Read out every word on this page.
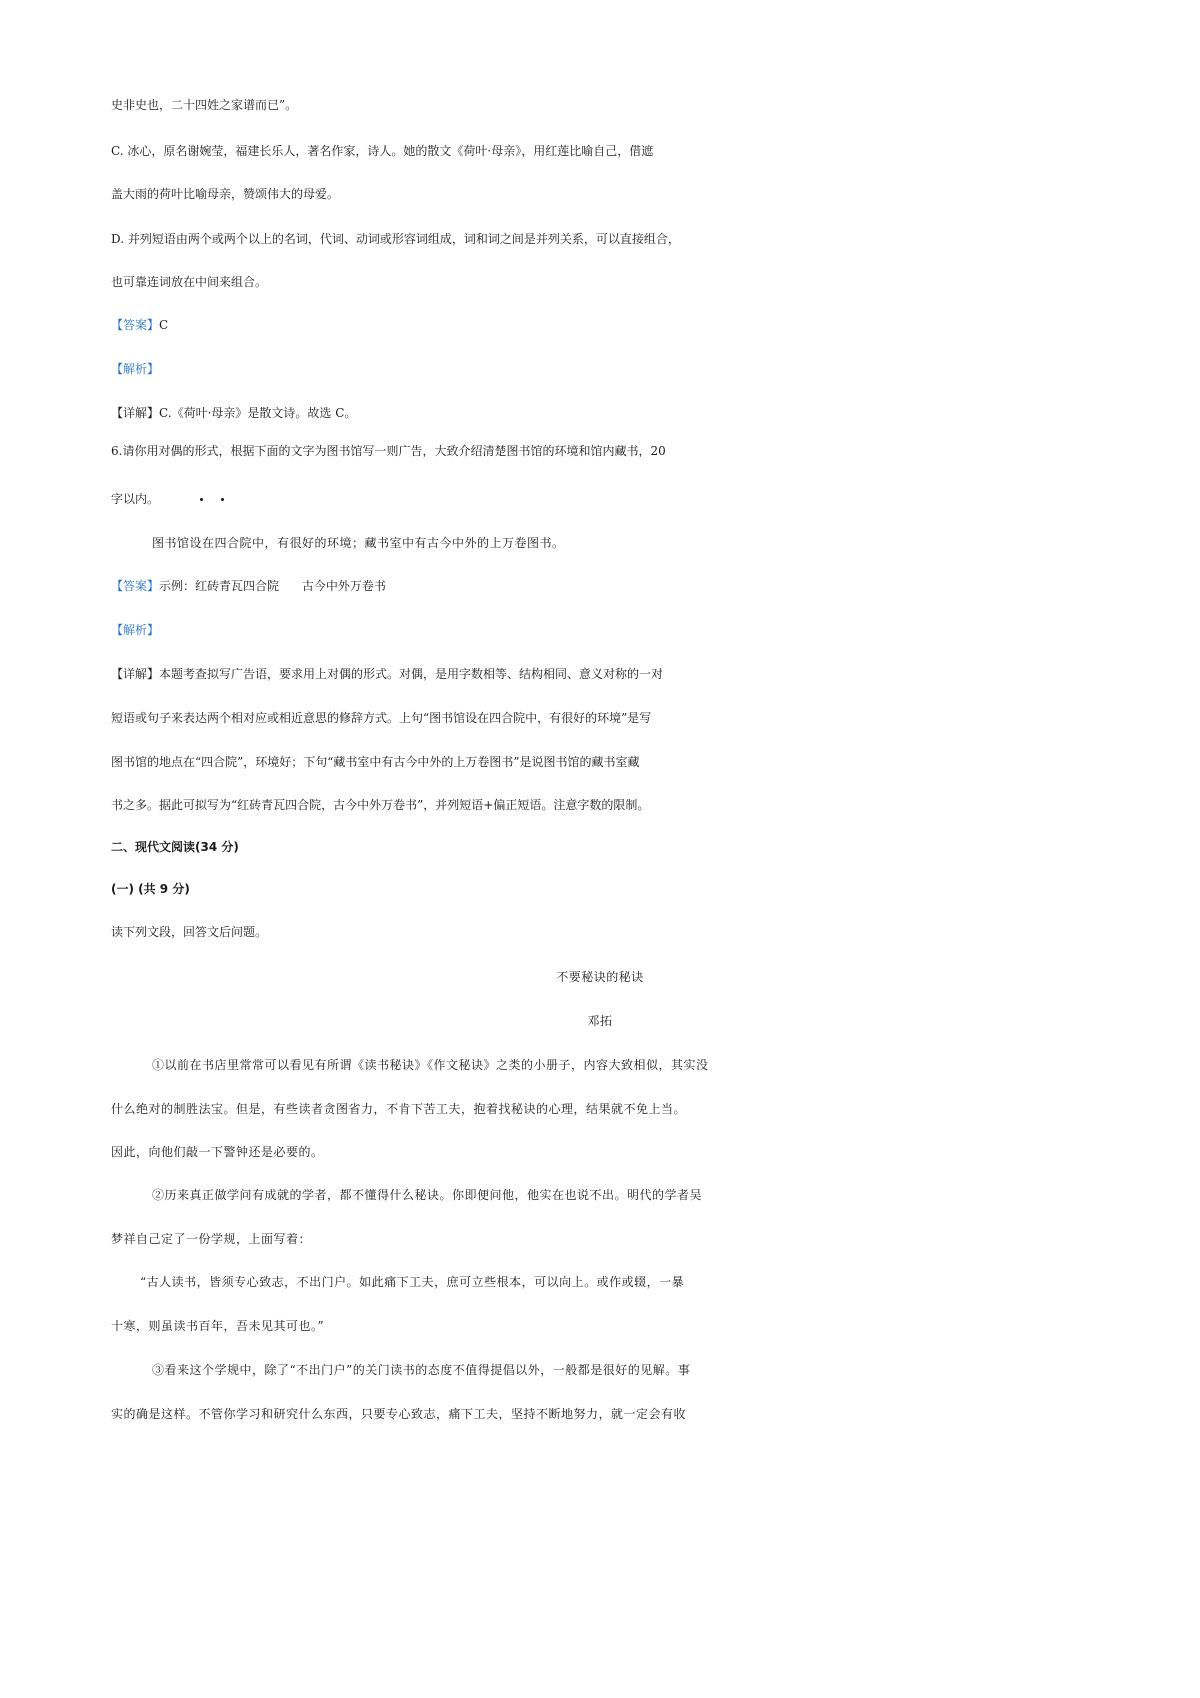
史非史也，二十四姓之家谱而已”。
C. 冰心，原名谢婉莹，福建长乐人，著名作家，诗人。她的散文《荷叶·母亲》，用红莲比喻自己，借遮
盖大雨的荷叶比喻母亲，赞颂伟大的母爱。
D. 并列短语由两个或两个以上的名词，代词、动词或形容词组成，词和词之间是并列关系，可以直接组合，
也可靠连词放在中间来组合。
【答案】C
【解析】
【详解】C.《荷叶·母亲》是散文诗。故选 C。
6.请你用对偶的形式，根据下面的文字为图书馆写一则广告，大致介绍清楚图书馆的环境和馆内藏书，20
字以内。
图书馆设在四合院中，有很好的环境；藏书室中有古今中外的上万卷图书。
【答案】示例：红砖青瓦四合院      古今中外万卷书
【解析】
【详解】本题考查拟写广告语，要求用上对偶的形式。对偶，是用字数相等、结构相同、意义对称的一对
短语或句子来表达两个相对应或相近意思的修辞方式。上句“图书馆设在四合院中，有很好的环境”是写
图书馆的地点在“四合院”，环境好；下句“藏书室中有古今中外的上万卷图书”是说图书馆的藏书室藏
书之多。据此可拟写为“红砖青瓦四合院，古今中外万卷书”，并列短语+偏正短语。注意字数的限制。
二、现代文阅读(34 分)
(一) (共 9 分)
读下列文段，回答文后问题。
不要秘诀的秘诀
邓拓
①以前在书店里常常可以看见有所谓《读书秘诀》《作文秘诀》之类的小册子，内容大致相似，其实没
什么绝对的制胜法宝。但是，有些读者贪图省力，不肯下苦工夫，抱着找秘诀的心理，结果就不免上当。
因此，向他们敲一下警钟还是必要的。
②历来真正做学问有成就的学者，都不懂得什么秘诀。你即便问他，他实在也说不出。明代的学者吴
梦祥自己定了一份学规，上面写着：
“古人读书，皆须专心致志，不出门户。如此痛下工夫，庶可立些根本，可以向上。或作或辍，一暴
十寒，则虽读书百年，吾未见其可也。”
③看来这个学规中，除了“不出门户”的关门读书的态度不值得提倡以外，一般都是很好的见解。事
实的确是这样。不管你学习和研究什么东西，只要专心致志，痛下工夫，坚持不断地努力，就一定会有收
